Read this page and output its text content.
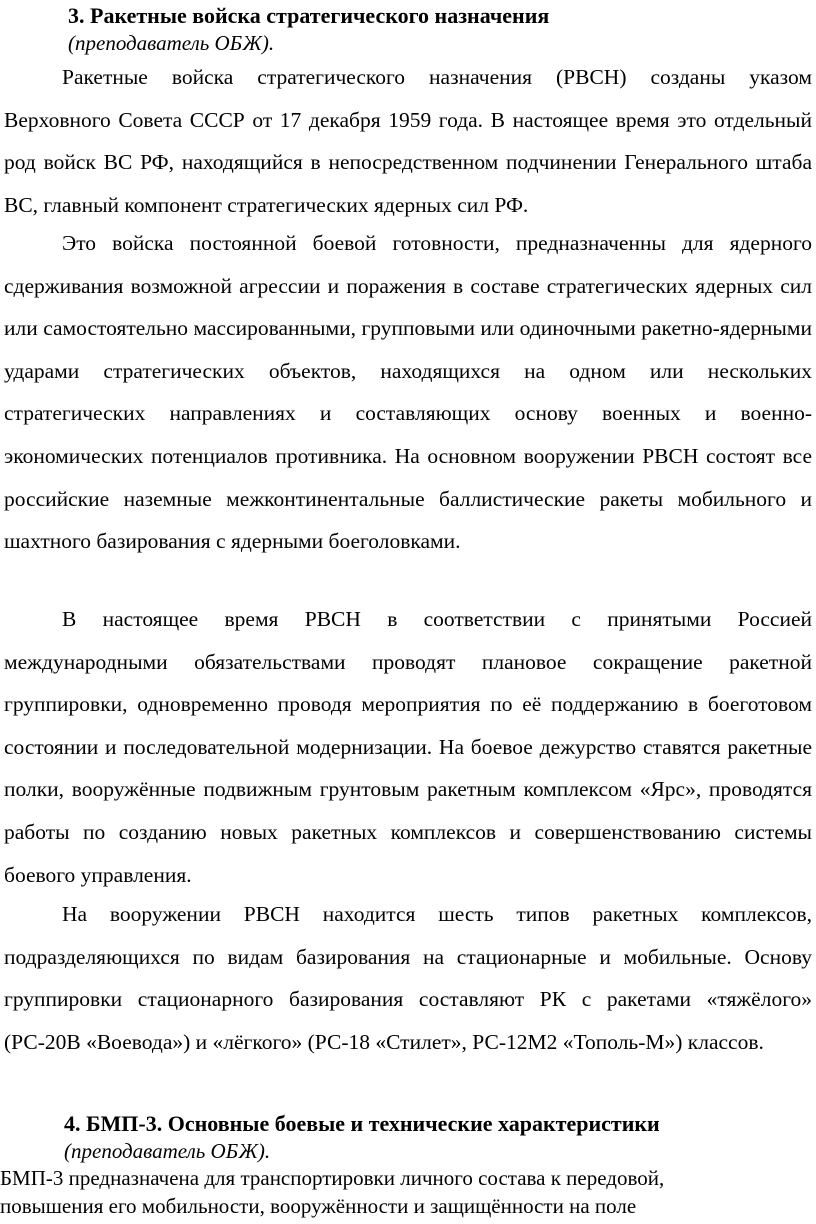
3. Ракетные войска стратегического назначения

(преподаватель ОБЖ).

Ракетные войска стратегического назначения (РВСН) созданы указом Верховного Совета СССР от 17 декабря 1959 года. В настоящее время это отдельный род войск ВС РФ, находящийся в непосредственном подчинении Генерального штаба ВС, главный компонент стратегических ядерных сил РФ.

Это войска постоянной боевой готовности, предназначенны для ядерного сдерживания возможной агрессии и поражения в составе стратегических ядерных сил или самостоятельно массированными, групповыми или одиночными ракетно-ядерными ударами стратегических объектов, находящихся на одном или нескольких стратегических направлениях и составляющих основу военных и военно-экономических потенциалов противника. На основном вооружении РВСН состоят все российские наземные межконтинентальные баллистические ракеты мобильного и шахтного базирования с ядерными боеголовками.

В настоящее время РВСН в соответствии с принятыми Россией международными обязательствами проводят плановое сокращение ракетной группировки, одновременно проводя мероприятия по её поддержанию в боеготовом состоянии и последовательной модернизации. На боевое дежурство ставятся ракетные полки, вооружённые подвижным грунтовым ракетным комплексом «Ярс», проводятся работы по созданию новых ракетных комплексов и совершенствованию системы боевого управления.

На вооружении РВСН находится шесть типов ракетных комплексов, подразделяющихся по видам базирования на стационарные и мобильные. Основу группировки стационарного базирования составляют РК с ракетами «тяжёлого» (РС-20В «Воевода») и «лёгкого» (РС-18 «Стилет», РС-12М2 «Тополь-М») классов.

4. БМП-3. Основные боевые и технические характеристики

(преподаватель ОБЖ).

БМП-3 предназначена для транспортировки личного состава к передовой,

повышения его мобильности, вооружённости и защищённости на поле
